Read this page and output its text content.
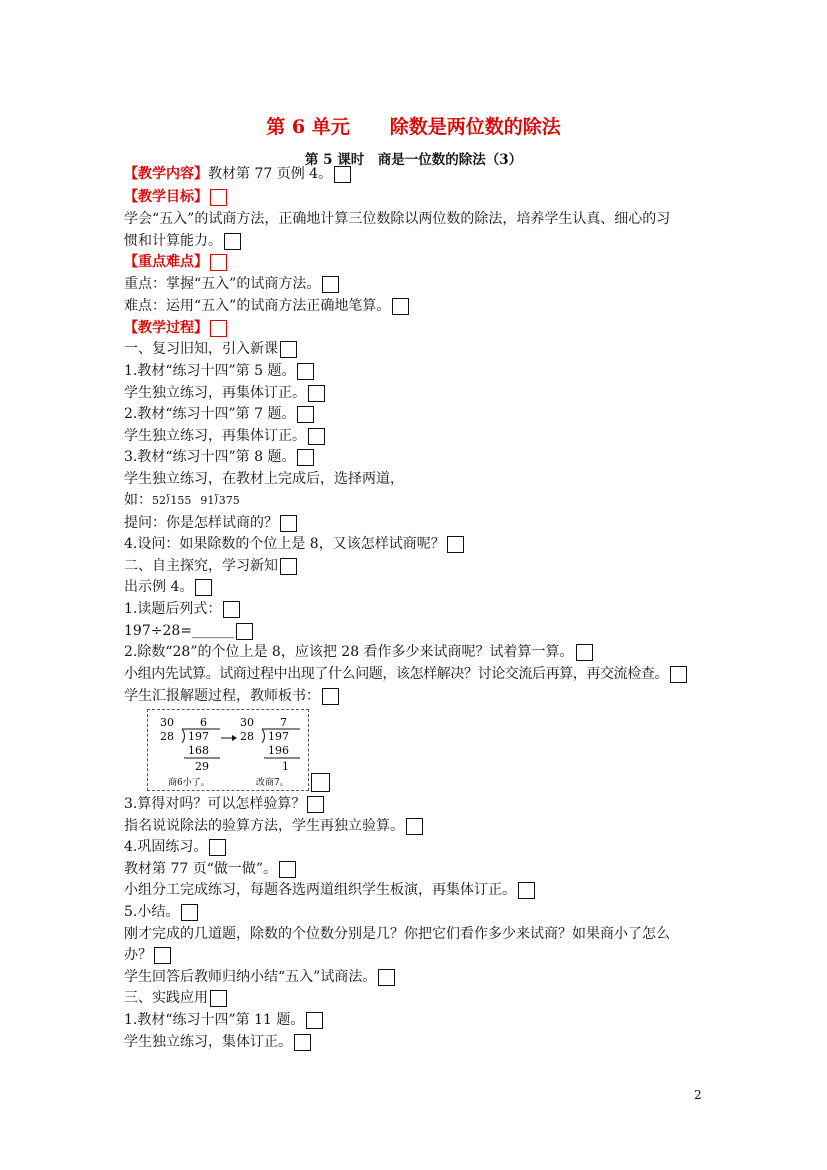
第 6 单元 除数是两位数的除法
第 5 课时　商是一位数的除法（3）
【教学内容】教材第 77 页例 4。
【教学目标】
学会“五入”的试商方法，正确地计算三位数除以两位数的除法，培养学生认真、细心的习
惯和计算能力。
【重点难点】
重点：掌握“五入”的试商方法。
难点：运用“五入”的试商方法正确地笔算。
【教学过程】
一、复习旧知，引入新课
1.教材“练习十四”第 5 题。
学生独立练习，再集体订正。
2.教材“练习十四”第 7 题。
学生独立练习，再集体订正。
3.教材“练习十四”第 8 题。
学生独立练习，在教材上完成后，选择两道，
如：52⟌155 91⟌375
提问：你是怎样试商的？
4.设问：如果除数的个位上是 8，又该怎样试商呢？
二、自主探究，学习新知
出示例 4。
1.读题后列式：
197÷28=______
2.除数“28”的个位上是 8，应该把 28 看作多少来试商呢？试着算一算。
小组内先试算。试商过程中出现了什么问题，该怎样解决？讨论交流后再算，再交流检查。
学生汇报解题过程，教师板书：
30 6
28 197
168
29
商6小了。
30 7
28 197
196
1
改商7。
3.算得对吗？可以怎样验算？
指名说说除法的验算方法，学生再独立验算。
4.巩固练习。
教材第 77 页“做一做”。
小组分工完成练习，每题各选两道组织学生板演，再集体订正。
5.小结。
刚才完成的几道题，除数的个位数分别是几？你把它们看作多少来试商？如果商小了怎么
办？
学生回答后教师归纳小结“五入”试商法。
三、实践应用
1.教材“练习十四”第 11 题。
学生独立练习，集体订正。
2
